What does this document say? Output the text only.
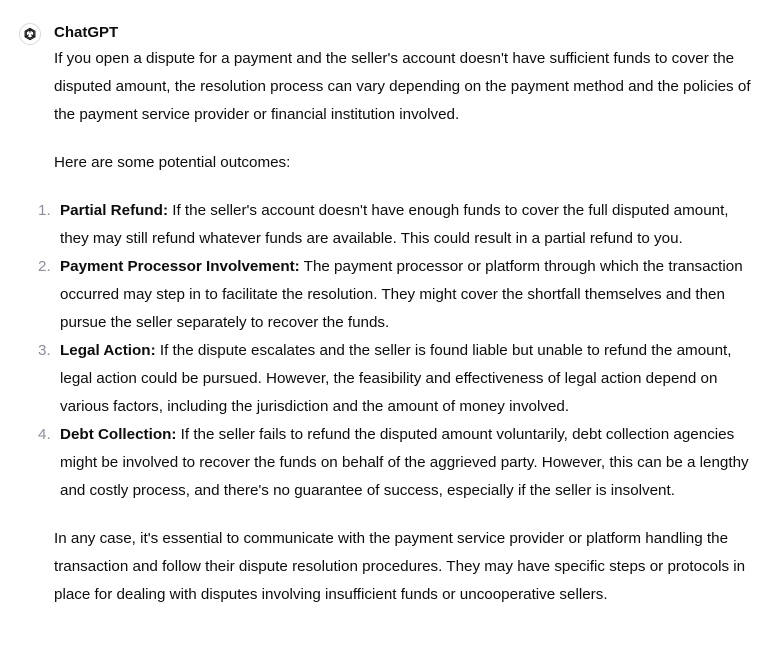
ChatGPT

If you open a dispute for a payment and the seller's account doesn't have sufficient funds to cover the disputed amount, the resolution process can vary depending on the payment method and the policies of the payment service provider or financial institution involved.

Here are some potential outcomes:

1. Partial Refund: If the seller's account doesn't have enough funds to cover the full disputed amount, they may still refund whatever funds are available. This could result in a partial refund to you.
2. Payment Processor Involvement: The payment processor or platform through which the transaction occurred may step in to facilitate the resolution. They might cover the shortfall themselves and then pursue the seller separately to recover the funds.
3. Legal Action: If the dispute escalates and the seller is found liable but unable to refund the amount, legal action could be pursued. However, the feasibility and effectiveness of legal action depend on various factors, including the jurisdiction and the amount of money involved.
4. Debt Collection: If the seller fails to refund the disputed amount voluntarily, debt collection agencies might be involved to recover the funds on behalf of the aggrieved party. However, this can be a lengthy and costly process, and there's no guarantee of success, especially if the seller is insolvent.

In any case, it's essential to communicate with the payment service provider or platform handling the transaction and follow their dispute resolution procedures. They may have specific steps or protocols in place for dealing with disputes involving insufficient funds or uncooperative sellers.
